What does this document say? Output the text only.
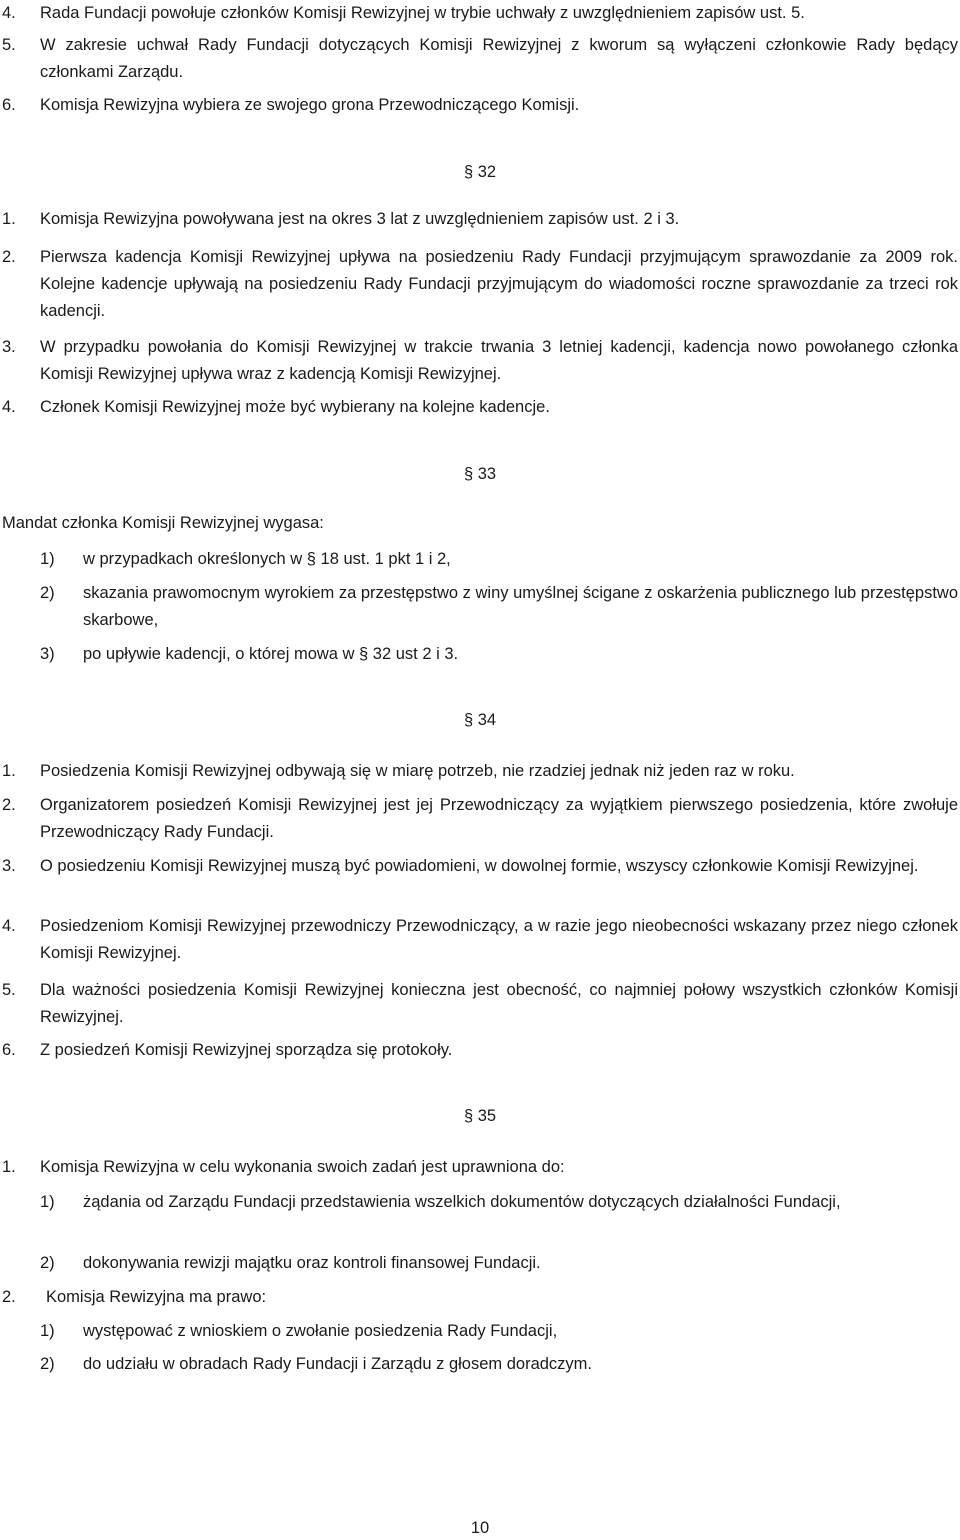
4. Rada Fundacji powołuje członków Komisji Rewizyjnej w trybie uchwały z uwzględnieniem zapisów ust. 5.
5. W zakresie uchwał Rady Fundacji dotyczących Komisji Rewizyjnej z kworum są wyłączeni członkowie Rady będący członkami Zarządu.
6. Komisja Rewizyjna wybiera ze swojego grona Przewodniczącego Komisji.
§ 32
1. Komisja Rewizyjna powoływana jest na okres 3 lat z uwzględnieniem zapisów ust. 2 i 3.
2. Pierwsza kadencja Komisji Rewizyjnej upływa na posiedzeniu Rady Fundacji przyjmującym sprawozdanie za 2009 rok. Kolejne kadencje upływają na posiedzeniu Rady Fundacji przyjmującym do wiadomości roczne sprawozdanie za trzeci rok kadencji.
3. W przypadku powołania do Komisji Rewizyjnej w trakcie trwania 3 letniej kadencji, kadencja nowo powołanego członka Komisji Rewizyjnej upływa wraz z kadencją Komisji Rewizyjnej.
4. Członek Komisji Rewizyjnej może być wybierany na kolejne kadencje.
§ 33
Mandat członka Komisji Rewizyjnej wygasa:
1) w przypadkach określonych w § 18 ust. 1 pkt 1 i 2,
2) skazania prawomocnym wyrokiem za przestępstwo z winy umyślnej ścigane z oskarżenia publicznego lub przestępstwo skarbowe,
3) po upływie kadencji, o której mowa w § 32 ust 2 i 3.
§ 34
1. Posiedzenia Komisji Rewizyjnej odbywają się w miarę potrzeb, nie rzadziej jednak niż jeden raz w roku.
2. Organizatorem posiedzeń Komisji Rewizyjnej jest jej Przewodniczący za wyjątkiem pierwszego posiedzenia, które zwołuje Przewodniczący Rady Fundacji.
3. O posiedzeniu Komisji Rewizyjnej muszą być powiadomieni, w dowolnej formie, wszyscy członkowie Komisji Rewizyjnej.
4. Posiedzeniom Komisji Rewizyjnej przewodniczy Przewodniczący, a w razie jego nieobecności wskazany przez niego członek Komisji Rewizyjnej.
5. Dla ważności posiedzenia Komisji Rewizyjnej konieczna jest obecność, co najmniej połowy wszystkich członków Komisji Rewizyjnej.
6. Z posiedzeń Komisji Rewizyjnej sporządza się protokoły.
§ 35
1. Komisja Rewizyjna w celu wykonania swoich zadań jest uprawniona do:
1) żądania od Zarządu Fundacji przedstawienia wszelkich dokumentów dotyczących działalności Fundacji,
2) dokonywania rewizji majątku oraz kontroli finansowej Fundacji.
2. Komisja Rewizyjna ma prawo:
1) występować z wnioskiem o zwołanie posiedzenia Rady Fundacji,
2) do udziału w obradach Rady Fundacji i Zarządu z głosem doradczym.
10
